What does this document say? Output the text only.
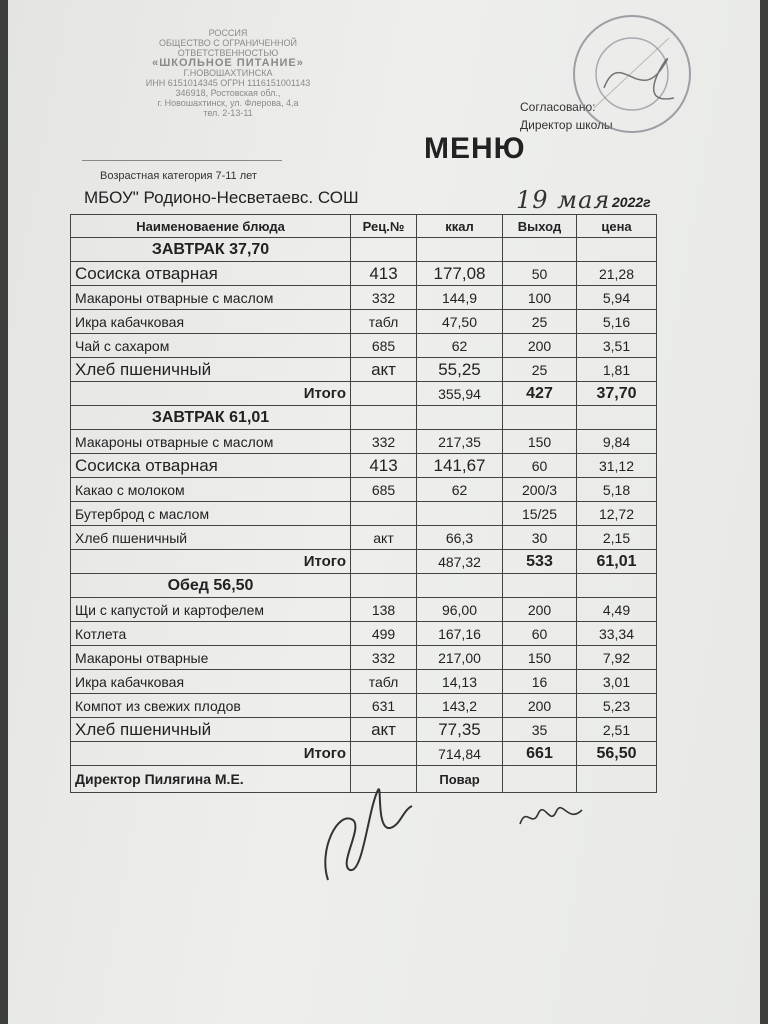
РОССИЯ
ОБЩЕСТВО С ОГРАНИЧЕННОЙ
ОТВЕТСТВЕННОСТЬЮ
«ШКОЛЬНОЕ ПИТАНИЕ»
Г.НОВОШАХТИНСКА
ИНН 6151014345 ОГРН 1116151001143
346918, Ростовская обл.,
г. Новошахтинск, ул. Флерова, 4,а
тел. 2-13-11
Возрастная категория 7-11 лет
МБОУ" Родионо-Несветаевс. СОШ	19 мая 2022г
МЕНЮ
Согласовано:
Директор школы
Наименоваение блюда	Рец.№	ккал	Выход	цена
ЗАВТРАК 37,70				
Сосиска отварная	413	177,08	50	21,28
Макароны отварные с маслом	332	144,9	100	5,94
Икра кабачковая	табл	47,50	25	5,16
Чай с сахаром	685	62	200	3,51
Хлеб пшеничный	акт	55,25	25	1,81
Итого		355,94	427	37,70
ЗАВТРАК 61,01				
Макароны отварные с маслом	332	217,35	150	9,84
Сосиска отварная	413	141,67	60	31,12
Какао с молоком	685	62	200/3	5,18
Бутерброд с маслом			15/25	12,72
Хлеб пшеничный	акт	66,3	30	2,15
Итого		487,32	533	61,01
Обед 56,50				
Щи с капустой и картофелем	138	96,00	200	4,49
Котлета	499	167,16	60	33,34
Макароны отварные	332	217,00	150	7,92
Икра кабачковая	табл	14,13	16	3,01
Компот из свежих плодов	631	143,2	200	5,23
Хлеб пшеничный	акт	77,35	35	2,51
Итого		714,84	661	56,50
Директор Пилягина М.Е.		Повар		
